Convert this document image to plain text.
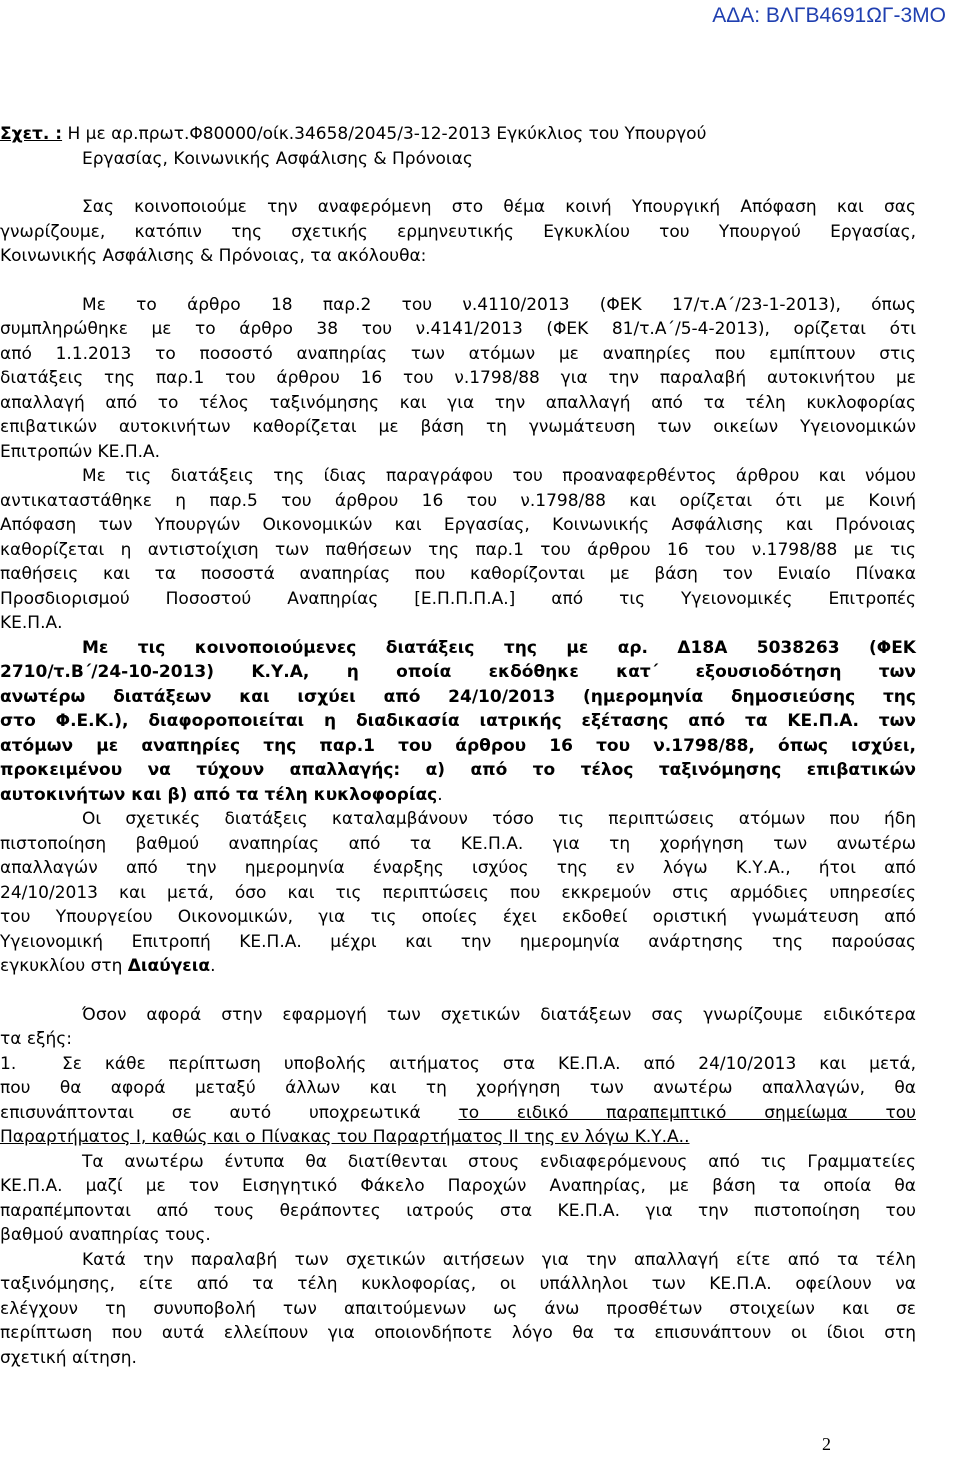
ΑΔΑ: ΒΛΓΒ4691ΩΓ-3ΜΟ
Σχετ. : Η με αρ.πρωτ.Φ80000/οίκ.34658/2045/3-12-2013 Εγκύκλιος του Υπουργού
Εργασίας, Κοινωνικής Ασφάλισης & Πρόνοιας
Σας κοινοποιούμε την αναφερόμενη στο θέμα κοινή Υπουργική Απόφαση και σας
γνωρίζουμε, κατόπιν της σχετικής ερμηνευτικής Εγκυκλίου του Υπουργού Εργασίας,
Κοινωνικής Ασφάλισης & Πρόνοιας, τα ακόλουθα:
Με το άρθρο 18 παρ.2 του ν.4110/2013 (ΦΕΚ 17/τ.Α΄/23-1-2013), όπως
συμπληρώθηκε με το άρθρο 38 του ν.4141/2013 (ΦΕΚ 81/τ.Α΄/5-4-2013), ορίζεται ότι
από 1.1.2013 το ποσοστό αναπηρίας των ατόμων με αναπηρίες που εμπίπτουν στις
διατάξεις της παρ.1 του άρθρου 16 του ν.1798/88 για την παραλαβή αυτοκινήτου με
απαλλαγή από το τέλος ταξινόμησης και για την απαλλαγή από τα τέλη κυκλοφορίας
επιβατικών αυτοκινήτων καθορίζεται με βάση τη γνωμάτευση των οικείων Υγειονομικών
Επιτροπών ΚΕ.Π.Α.
Με τις διατάξεις της ίδιας παραγράφου του προαναφερθέντος άρθρου και νόμου
αντικαταστάθηκε η παρ.5 του άρθρου 16 του ν.1798/88 και ορίζεται ότι με Κοινή
Απόφαση των Υπουργών Οικονομικών και Εργασίας, Κοινωνικής Ασφάλισης και Πρόνοιας
καθορίζεται η αντιστοίχιση των παθήσεων της παρ.1 του άρθρου 16 του ν.1798/88 με τις
παθήσεις και τα ποσοστά αναπηρίας που καθορίζονται με βάση τον Ενιαίο Πίνακα
Προσδιορισμού Ποσοστού Αναπηρίας [Ε.Π.Π.Π.Α.] από τις Υγειονομικές Επιτροπές
ΚΕ.Π.Α.
Με τις κοινοποιούμενες διατάξεις της με αρ. Δ18Α 5038263 (ΦΕΚ
2710/τ.Β΄/24-10-2013) Κ.Υ.Α, η οποία εκδόθηκε κατ΄ εξουσιοδότηση των
ανωτέρω διατάξεων και ισχύει από 24/10/2013 (ημερομηνία δημοσιεύσης της
στο Φ.Ε.Κ.), διαφοροποιείται η διαδικασία ιατρικής εξέτασης από τα ΚΕ.Π.Α. των
ατόμων με αναπηρίες της παρ.1 του άρθρου 16 του ν.1798/88, όπως ισχύει,
προκειμένου να τύχουν απαλλαγής: α) από το τέλος ταξινόμησης επιβατικών
αυτοκινήτων και β) από τα τέλη κυκλοφορίας.
Οι σχετικές διατάξεις καταλαμβάνουν τόσο τις περιπτώσεις ατόμων που ήδη
πιστοποίηση βαθμού αναπηρίας από τα ΚΕ.Π.Α. για τη χορήγηση των ανωτέρω
απαλλαγών από την ημερομηνία έναρξης ισχύος της εν λόγω Κ.Υ.Α., ήτοι από
24/10/2013 και μετά, όσο και τις περιπτώσεις που εκκρεμούν στις αρμόδιες υπηρεσίες
του Υπουργείου Οικονομικών, για τις οποίες έχει εκδοθεί οριστική γνωμάτευση από
Υγειονομική Επιτροπή ΚΕ.Π.Α. μέχρι και την ημερομηνία ανάρτησης της παρούσας
εγκυκλίου στη Διαύγεια.
Όσον αφορά στην εφαρμογή των σχετικών διατάξεων σας γνωρίζουμε ειδικότερα
τα εξής:
1.	Σε κάθε περίπτωση υποβολής αιτήματος στα ΚΕ.Π.Α. από 24/10/2013 και μετά,
που θα αφορά μεταξύ άλλων και τη χορήγηση των ανωτέρω απαλλαγών, θα
επισυνάπτονται σε αυτό υποχρεωτικά το ειδικό παραπεμπτικό σημείωμα του
Παραρτήματος Ι, καθώς και ο Πίνακας του Παραρτήματος ΙΙ της εν λόγω Κ.Υ.Α..
Τα ανωτέρω έντυπα θα διατίθενται στους ενδιαφερόμενους από τις Γραμματείες
ΚΕ.Π.Α. μαζί με τον Εισηγητικό Φάκελο Παροχών Αναπηρίας, με βάση τα οποία θα
παραπέμπονται από τους θεράποντες ιατρούς στα ΚΕ.Π.Α. για την πιστοποίηση του
βαθμού αναπηρίας τους.
Κατά την παραλαβή των σχετικών αιτήσεων για την απαλλαγή είτε από τα τέλη
ταξινόμησης, είτε από τα τέλη κυκλοφορίας, οι υπάλληλοι των ΚΕ.Π.Α. οφείλουν να
ελέγχουν τη συνυποβολή των απαιτούμενων ως άνω προσθέτων στοιχείων και σε
περίπτωση που αυτά ελλείπουν για οποιονδήποτε λόγο θα τα επισυνάπτουν οι ίδιοι στη
σχετική αίτηση.
2
